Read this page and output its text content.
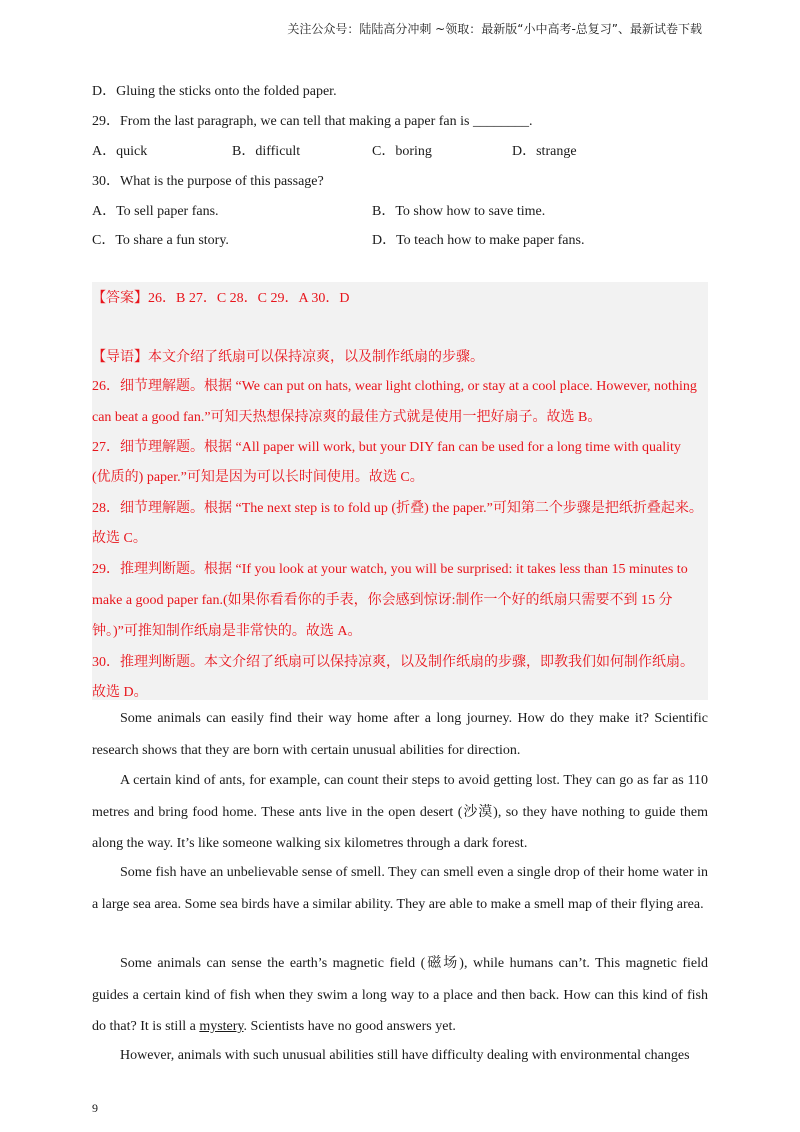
关注公众号：陆陆高分冲刺 ~领取：最新版“小中高考-总复习”、最新试卷下载
D．Gluing the sticks onto the folded paper.
29．From the last paragraph, we can tell that making a paper fan is ________.
A．quick	B．difficult	C．boring	D．strange
30．What is the purpose of this passage?
A．To sell paper fans.	B．To show how to save time.
C．To share a fun story.	D．To teach how to make paper fans.
【答案】26．B 27．C 28．C 29．A 30．D
【导语】本文介绍了纸扇可以保持凉爽，以及制作纸扇的步骤。
26．细节理解题。根据 “We can put on hats, wear light clothing, or stay at a cool place. However, nothing
can beat a good fan.”可知天热想保持凉爽的最佳方式就是使用一把好扇子。故选 B。
27．细节理解题。根据 “All paper will work, but your DIY fan can be used for a long time with quality
(优质的) paper.”可知是因为可以长时间使用。故选 C。
28．细节理解题。根据 “The next step is to fold up (折叠) the paper.”可知第二个步骤是把纸折叠起来。
故选 C。
29．推理判断题。根据 “If you look at your watch, you will be surprised: it takes less than 15 minutes to
make a good paper fan.(如果你看看你的手表，你会感到惊讶:制作一个好的纸扇只需要不到 15 分
钟。)”可推知制作纸扇是非常快的。故选 A。
30．推理判断题。本文介绍了纸扇可以保持凉爽，以及制作纸扇的步骤，即教我们如何制作纸扇。
故选 D。
Some animals can easily find their way home after a long journey. How do they make it? Scientific research shows that they are born with certain unusual abilities for direction.
A certain kind of ants, for example, can count their steps to avoid getting lost. They can go as far as 110 metres and bring food home. These ants live in the open desert (沙漠), so they have nothing to guide them along the way. It’s like someone walking six kilometres through a dark forest.
Some fish have an unbelievable sense of smell. They can smell even a single drop of their home water in a large sea area. Some sea birds have a similar ability. They are able to make a smell map of their flying area.
Some animals can sense the earth’s magnetic field (磁场), while humans can’t. This magnetic field guides a certain kind of fish when they swim a long way to a place and then back. How can this kind of fish do that? It is still a mystery. Scientists have no good answers yet.
However, animals with such unusual abilities still have difficulty dealing with environmental changes
9
